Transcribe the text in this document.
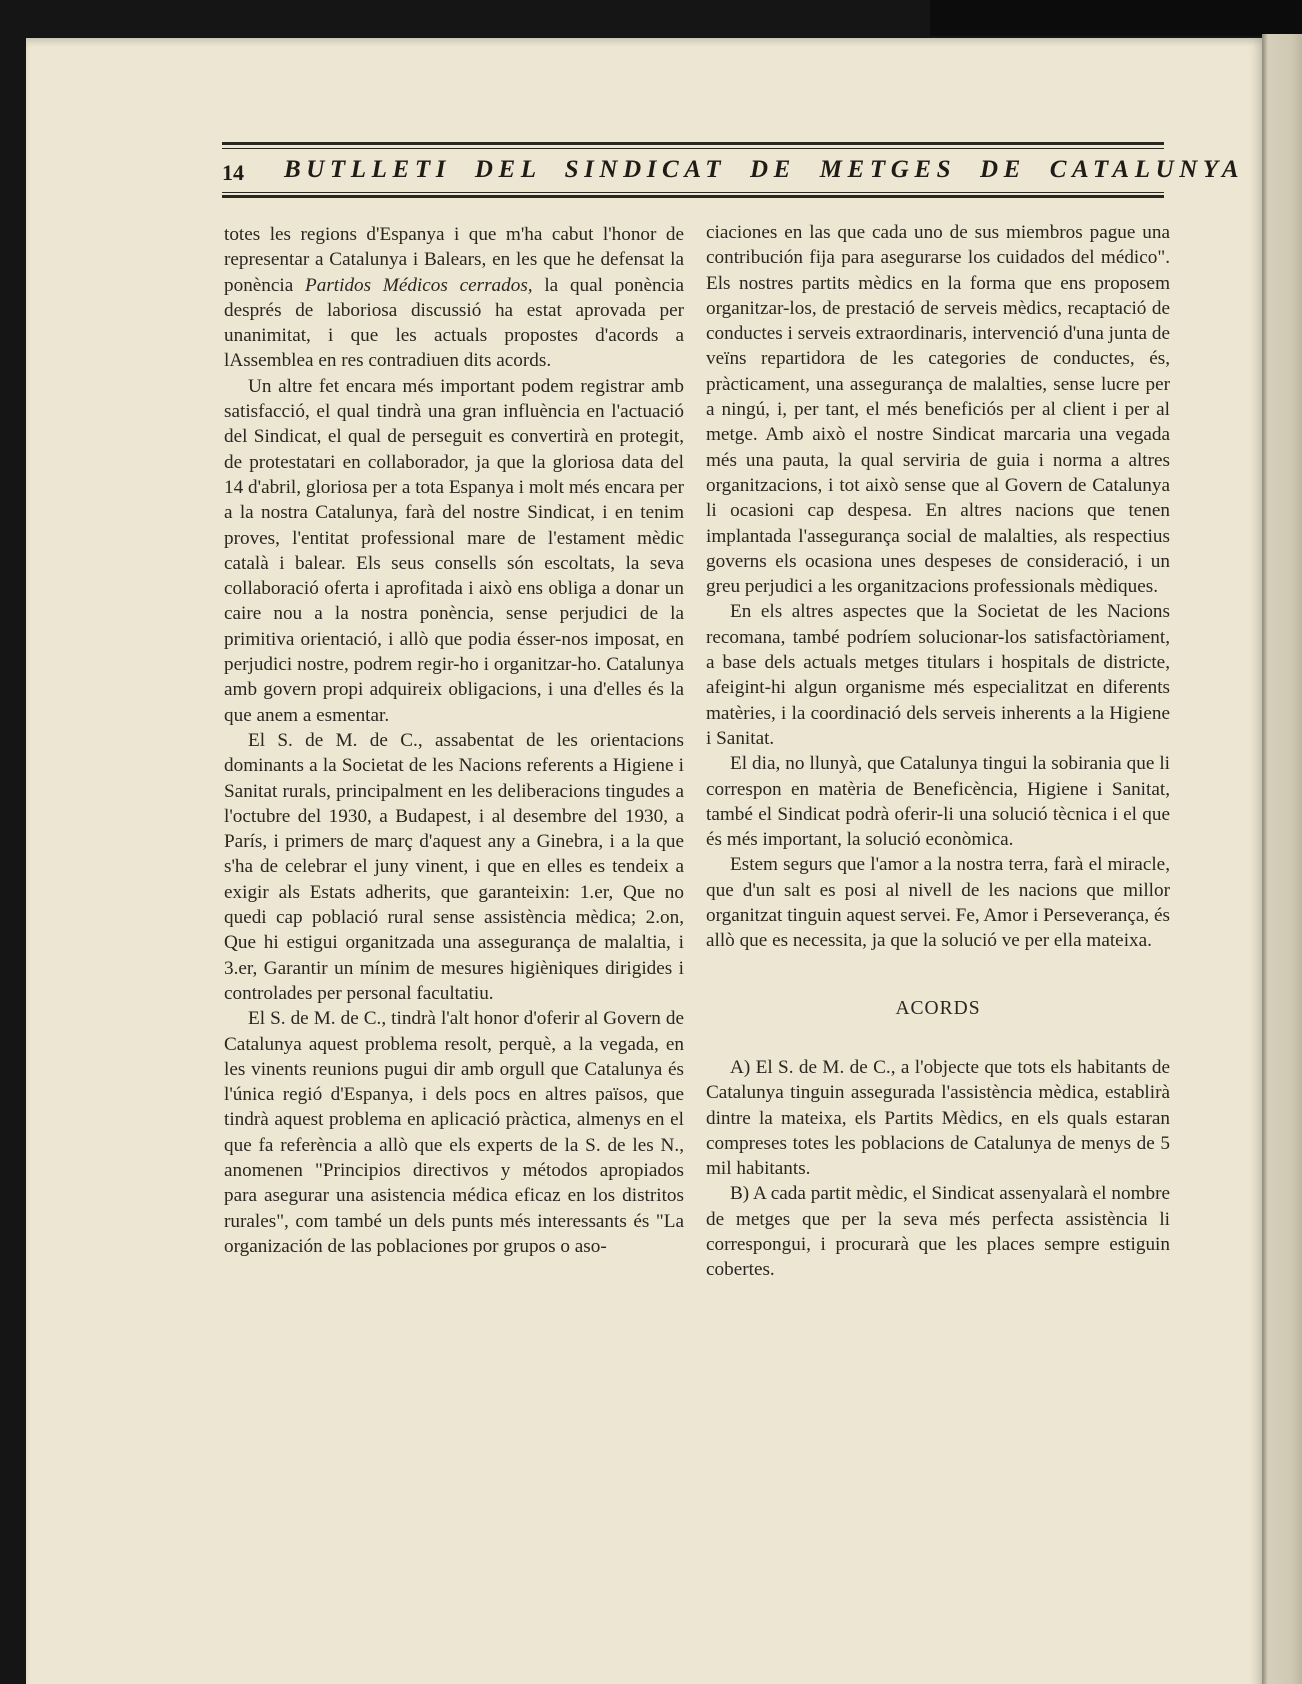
14 BUTLLETI DEL SINDICAT DE METGES DE CATALUNYA

totes les regions d'Espanya i que m'ha cabut l'honor de representar a Catalunya i Balears, en les que he defensat la ponència Partidos Médicos cerrados, la qual ponència després de laboriosa discussió ha estat aprovada per unanimitat, i que les actuals propostes d'acords a lAssemblea en res contradiuen dits acords.

Un altre fet encara més important podem registrar amb satisfacció, el qual tindrà una gran influència en l'actuació del Sindicat, el qual de perseguit es convertirà en protegit, de protestatari en collaborador, ja que la gloriosa data del 14 d'abril, gloriosa per a tota Espanya i molt més encara per a la nostra Catalunya, farà del nostre Sindicat, i en tenim proves, l'entitat professional mare de l'estament mèdic català i balear. Els seus consells són escoltats, la seva collaboració oferta i aprofitada i això ens obliga a donar un caire nou a la nostra ponència, sense perjudici de la primitiva orientació, i allò que podia ésser-nos imposat, en perjudici nostre, podrem regir-ho i organitzar-ho. Catalunya amb govern propi adquireix obligacions, i una d'elles és la que anem a esmentar.

El S. de M. de C., assabentat de les orientacions dominants a la Societat de les Nacions referents a Higiene i Sanitat rurals, principalment en les deliberacions tingudes a l'octubre del 1930, a Budapest, i al desembre del 1930, a París, i primers de març d'aquest any a Ginebra, i a la que s'ha de celebrar el juny vinent, i que en elles es tendeix a exigir als Estats adherits, que garanteixin: 1.er, Que no quedi cap població rural sense assistència mèdica; 2.on, Que hi estigui organitzada una assegurança de malaltia, i 3.er, Garantir un mínim de mesures higièniques dirigides i controlades per personal facultatiu.

El S. de M. de C., tindrà l'alt honor d'oferir al Govern de Catalunya aquest problema resolt, perquè, a la vegada, en les vinents reunions pugui dir amb orgull que Catalunya és l'única regió d'Espanya, i dels pocs en altres països, que tindrà aquest problema en aplicació pràctica, almenys en el que fa referència a allò que els experts de la S. de les N., anomenen "Principios directivos y métodos apropiados para asegurar una asistencia médica eficaz en los distritos rurales", com també un dels punts més interessants és "La organización de las poblaciones por grupos o aso-

ciaciones en las que cada uno de sus miembros pague una contribución fija para asegurarse los cuidados del médico". Els nostres partits mèdics en la forma que ens proposem organitzar-los, de prestació de serveis mèdics, recaptació de conductes i serveis extraordinaris, intervenció d'una junta de veïns repartidora de les categories de conductes, és, pràcticament, una assegurança de malalties, sense lucre per a ningú, i, per tant, el més beneficiós per al client i per al metge. Amb això el nostre Sindicat marcaria una vegada més una pauta, la qual serviria de guia i norma a altres organitzacions, i tot això sense que al Govern de Catalunya li ocasioni cap despesa. En altres nacions que tenen implantada l'assegurança social de malalties, als respectius governs els ocasiona unes despeses de consideració, i un greu perjudici a les organitzacions professionals mèdiques.

En els altres aspectes que la Societat de les Nacions recomana, també podríem solucionar-los satisfactòriament, a base dels actuals metges titulars i hospitals de districte, afeigint-hi algun organisme més especialitzat en diferents matèries, i la coordinació dels serveis inherents a la Higiene i Sanitat.

El dia, no llunyà, que Catalunya tingui la sobirania que li correspon en matèria de Beneficència, Higiene i Sanitat, també el Sindicat podrà oferir-li una solució tècnica i el que és més important, la solució econòmica.

Estem segurs que l'amor a la nostra terra, farà el miracle, que d'un salt es posi al nivell de les nacions que millor organitzat tinguin aquest servei. Fe, Amor i Perseverança, és allò que es necessita, ja que la solució ve per ella mateixa.

ACORDS

A) El S. de M. de C., a l'objecte que tots els habitants de Catalunya tinguin assegurada l'assistència mèdica, establirà dintre la mateixa, els Partits Mèdics, en els quals estaran compreses totes les poblacions de Catalunya de menys de 5 mil habitants.

B) A cada partit mèdic, el Sindicat assenyalarà el nombre de metges que per la seva més perfecta assistència li correspongui, i procurarà que les places sempre estiguin cobertes.
